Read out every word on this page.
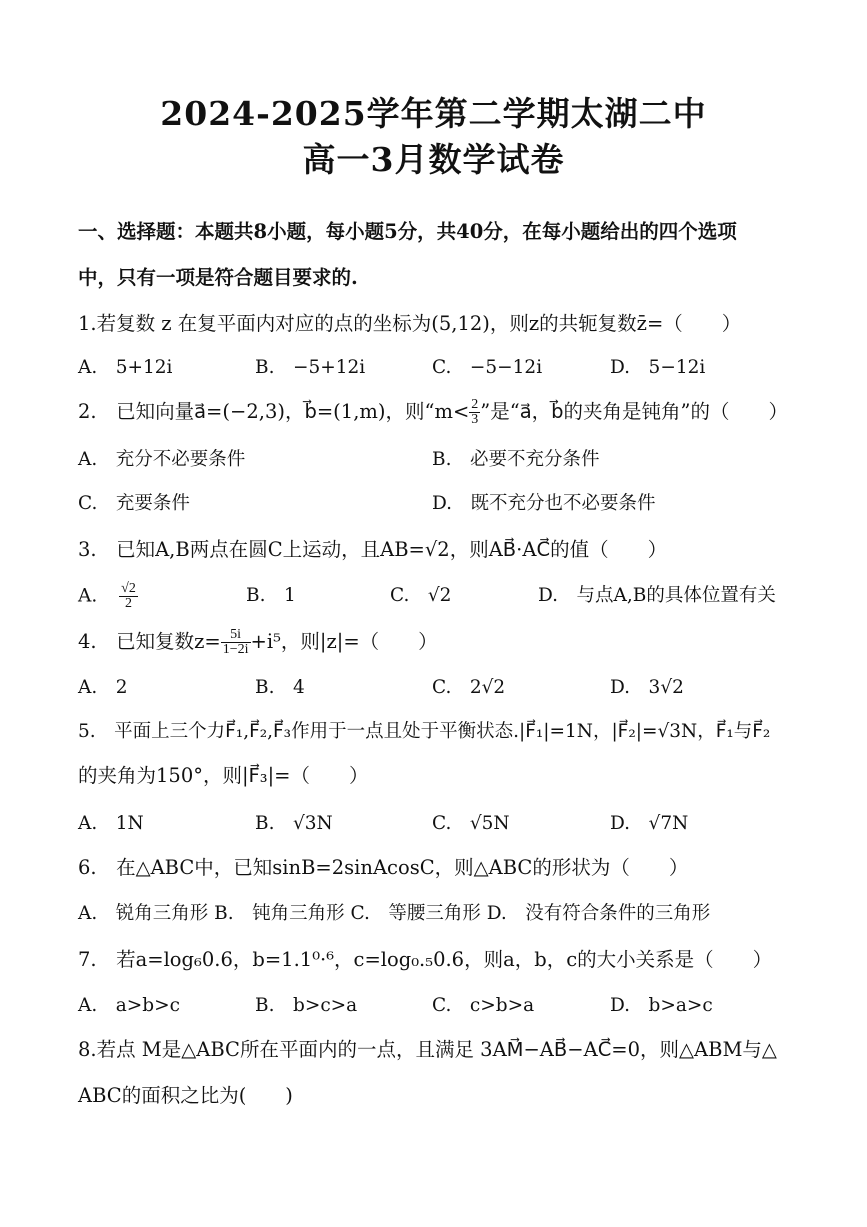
2024-2025学年第二学期太湖二中
高一3月数学试卷
一、选择题：本题共8小题，每小题5分，共40分，在每小题给出的四个选项
中，只有一项是符合题目要求的.
1.若复数 z 在复平面内对应的点的坐标为(5,12)，则z的共轭复数z̄=（　　）
A.　5+12i	B.　−5+12i	C.　−5−12i	D.　5−12i
2.　已知向量a⃗=(−2,3)，b⃗=(1,m)，则“$m< \frac{2}{3}$ ”是“a⃗，b⃗的夹角是钝角”的（　　）
A.　充分不必要条件	B.　必要不充分条件
C.　充要条件	D.　既不充分也不必要条件
3.　已知A,B两点在圆C上运动，且AB=√2，则AB⃗·AC⃗的值（　　）
A. $\frac{√2}{2}$	B.　1	C.　√2	D.　与点A,B的具体位置有关
4.　已知复数$z= \frac{5i}{1-2i} +i^5$，则|z|=（　　）
A.　2	B.　4	C.　2√2	D.　3√2
5.　平面上三个力F⃗₁,F⃗₂,F⃗₃作用于一点且处于平衡状态.|F⃗₁|=1N，|F⃗₂|=√3N，F⃗₁与F⃗₂
的夹角为150°，则|F⃗₃|=（　　）
A.　1N	B.　√3N	C.　√5N	D.　√7N
6.　在△ABC中，已知sinB=2sinAcosC，则△ABC的形状为（　　）
A.　锐角三角形 B.　钝角三角形 C.　等腰三角形 D.　没有符合条件的三角形
7.　若a=log₆0.6，b=1.1⁰·⁶，c=log₀.₅0.6，则a，b，c的大小关系是（　　）
A.　a>b>c	B.　b>c>a	C.　c>b>a	D.　b>a>c
8.若点 M是△ABC所在平面内的一点，且满足 3AM⃗−AB⃗−AC⃗=0，则△ABM与△
ABC的面积之比为(　　)
